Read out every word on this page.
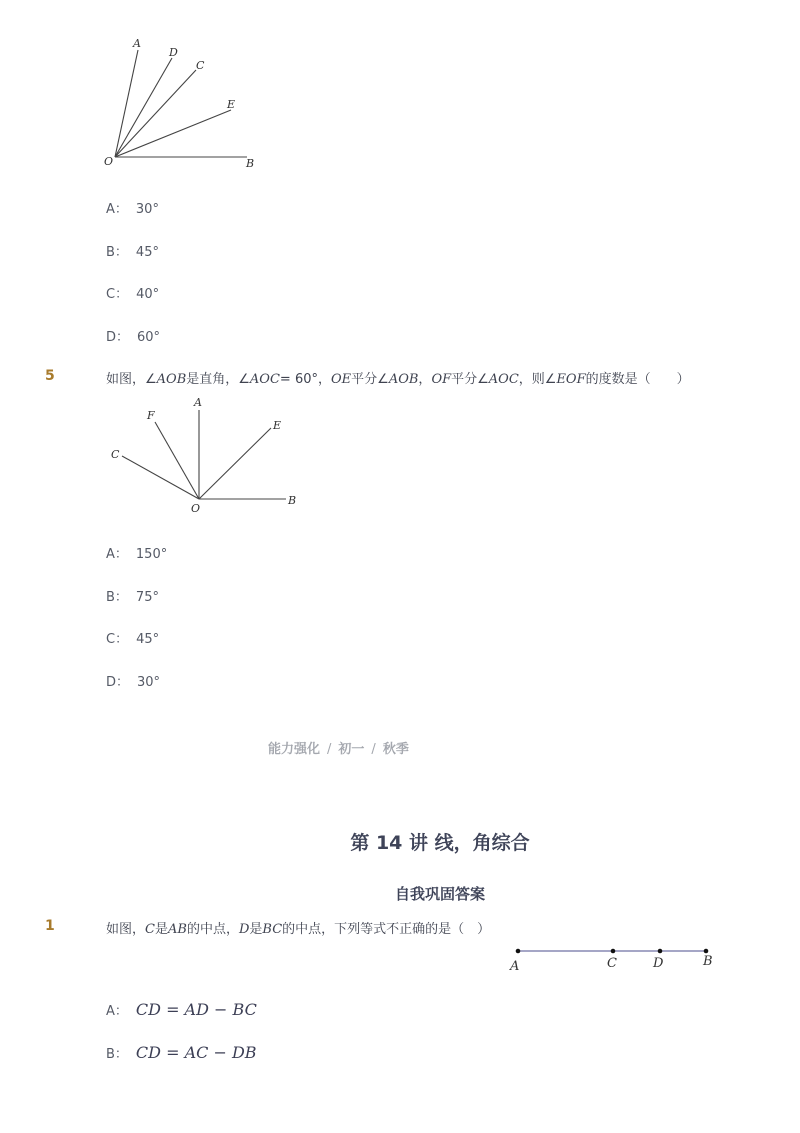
A
D
C
E
O	B
A： 30°
B： 45°
C： 40°
D： 60°
5	如图，∠AOB是直角，∠AOC= 60°，OE平分∠AOB，OF平分∠AOC，则∠EOF的度数是（　　）
A
F
E
C
O
B
A： 150°
B： 75°
C： 45°
D： 30°
能力强化 / 初一 / 秋季
第 14 讲 线，角综合
自我巩固答案
1	如图，C是AB的中点，D是BC的中点，下列等式不正确的是（　）
A	C	D	B
A： CD = AD − BC
B： CD = AC − DB
